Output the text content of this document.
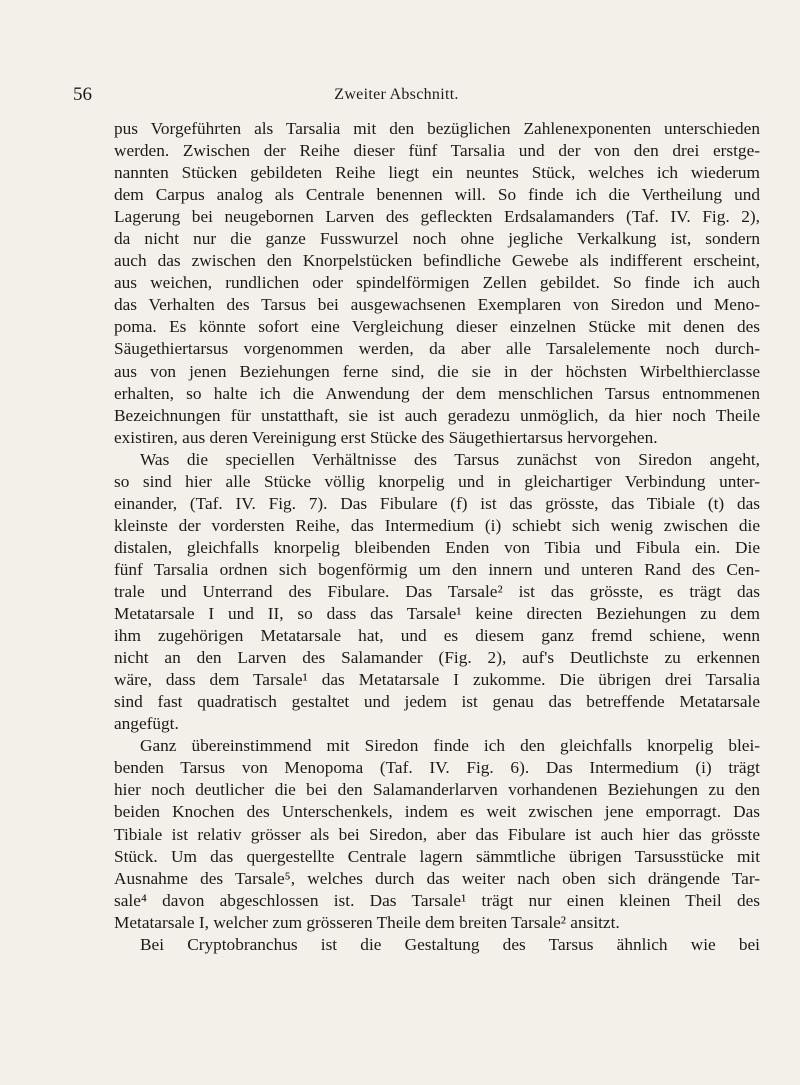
56	Zweiter Abschnitt.
pus Vorgeführten als Tarsalia mit den bezüglichen Zahlenexponenten unterschieden
werden. Zwischen der Reihe dieser fünf Tarsalia und der von den drei erstge-
nannten Stücken gebildeten Reihe liegt ein neuntes Stück, welches ich wiederum
dem Carpus analog als Centrale benennen will. So finde ich die Vertheilung und
Lagerung bei neugebornen Larven des gefleckten Erdsalamanders (Taf. IV. Fig. 2),
da nicht nur die ganze Fusswurzel noch ohne jegliche Verkalkung ist, sondern
auch das zwischen den Knorpelstücken befindliche Gewebe als indifferent erscheint,
aus weichen, rundlichen oder spindelförmigen Zellen gebildet. So finde ich auch
das Verhalten des Tarsus bei ausgewachsenen Exemplaren von Siredon und Meno-
poma. Es könnte sofort eine Vergleichung dieser einzelnen Stücke mit denen des
Säugethiertarsus vorgenommen werden, da aber alle Tarsalelemente noch durch-
aus von jenen Beziehungen ferne sind, die sie in der höchsten Wirbelthierclasse
erhalten, so halte ich die Anwendung der dem menschlichen Tarsus entnommenen
Bezeichnungen für unstatthaft, sie ist auch geradezu unmöglich, da hier noch Theile
existiren, aus deren Vereinigung erst Stücke des Säugethiertarsus hervorgehen.
Was die speciellen Verhältnisse des Tarsus zunächst von Siredon angeht,
so sind hier alle Stücke völlig knorpelig und in gleichartiger Verbindung unter-
einander, (Taf. IV. Fig. 7). Das Fibulare (f) ist das grösste, das Tibiale (t) das
kleinste der vordersten Reihe, das Intermedium (i) schiebt sich wenig zwischen die
distalen, gleichfalls knorpelig bleibenden Enden von Tibia und Fibula ein. Die
fünf Tarsalia ordnen sich bogenförmig um den innern und unteren Rand des Cen-
trale und Unterrand des Fibulare. Das Tarsale² ist das grösste, es trägt das
Metatarsale I und II, so dass das Tarsale¹ keine directen Beziehungen zu dem
ihm zugehörigen Metatarsale hat, und es diesem ganz fremd schiene, wenn
nicht an den Larven des Salamander (Fig. 2), auf's Deutlichste zu erkennen
wäre, dass dem Tarsale¹ das Metatarsale I zukomme. Die übrigen drei Tarsalia
sind fast quadratisch gestaltet und jedem ist genau das betreffende Metatarsale
angefügt.
Ganz übereinstimmend mit Siredon finde ich den gleichfalls knorpelig blei-
benden Tarsus von Menopoma (Taf. IV. Fig. 6). Das Intermedium (i) trägt
hier noch deutlicher die bei den Salamanderlarven vorhandenen Beziehungen zu den
beiden Knochen des Unterschenkels, indem es weit zwischen jene emporragt. Das
Tibiale ist relativ grösser als bei Siredon, aber das Fibulare ist auch hier das grösste
Stück. Um das quergestellte Centrale lagern sämmtliche übrigen Tarsusstücke mit
Ausnahme des Tarsale⁵, welches durch das weiter nach oben sich drängende Tar-
sale⁴ davon abgeschlossen ist. Das Tarsale¹ trägt nur einen kleinen Theil des
Metatarsale I, welcher zum grösseren Theile dem breiten Tarsale² ansitzt.
Bei Cryptobranchus ist die Gestaltung des Tarsus ähnlich wie bei
